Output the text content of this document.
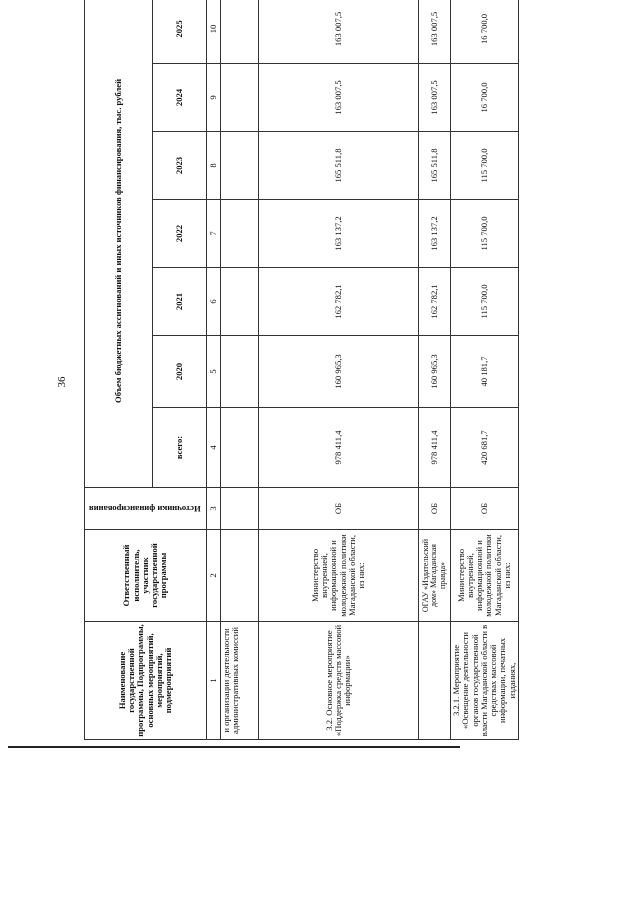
36
Наименование государственной программы, Подпрограммы, основных мероприятий, мероприятий, подмероприятий	Ответственный исполнитель, участник государственной программы	Источники финансирования	Объем бюджетных ассигнований и иных источников финансирования, тыс. рублей						

			всего:	2020	2021	2022	2023	2024	2025
1	2	3	4	5	6	7	8	9	10
и организации деятельности административных комиссий									
3.2. Основное мероприятие «Поддержка средств массовой информации»	Министерство внутренней, информационной и молодежной политики Магаданской области, из них:	ОБ	978 411,4	160 965,3	162 782,1	163 137,2	165 511,8	163 007,5	163 007,5
	ОГАУ «Издательский дом» Магаданская правда»	ОБ	978 411,4	160 965,3	162 782,1	163 137,2	165 511,8	163 007,5	163 007,5
3.2.1. Мероприятие «Освещение деятельности органов государственной власти Магаданской области в средствах массовой информации, печатных изданиях,	Министерство внутренней, информационной и молодежной политики Магаданской области, из них:	ОБ	420 681,7	40 181,7	115 700,0	115 700,0	115 700,0	16 700,0	16 700,0
